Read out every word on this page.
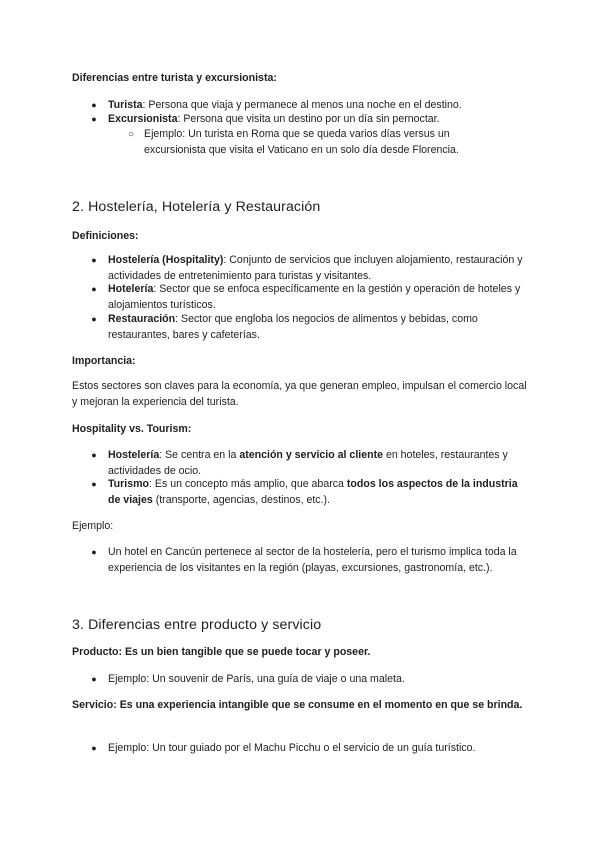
Diferencias entre turista y excursionista:
● Turista: Persona que viaja y permanece al menos una noche en el destino.
● Excursionista: Persona que visita un destino por un día sin pernoctar.
○ Ejemplo: Un turista en Roma que se queda varios días versus un excursionista que visita el Vaticano en un solo día desde Florencia.
2. Hostelería, Hotelería y Restauración
Definiciones:
● Hostelería (Hospitality): Conjunto de servicios que incluyen alojamiento, restauración y actividades de entretenimiento para turistas y visitantes.
● Hotelería: Sector que se enfoca específicamente en la gestión y operación de hoteles y alojamientos turísticos.
● Restauración: Sector que engloba los negocios de alimentos y bebidas, como restaurantes, bares y cafeterías.
Importancia:
Estos sectores son claves para la economía, ya que generan empleo, impulsan el comercio local y mejoran la experiencia del turista.
Hospitality vs. Tourism:
● Hostelería: Se centra en la atención y servicio al cliente en hoteles, restaurantes y actividades de ocio.
● Turismo: Es un concepto más amplio, que abarca todos los aspectos de la industria de viajes (transporte, agencias, destinos, etc.).
Ejemplo:
● Un hotel en Cancún pertenece al sector de la hostelería, pero el turismo implica toda la experiencia de los visitantes en la región (playas, excursiones, gastronomía, etc.).
3. Diferencias entre producto y servicio
Producto: Es un bien tangible que se puede tocar y poseer.
● Ejemplo: Un souvenir de París, una guía de viaje o una maleta.
Servicio: Es una experiencia intangible que se consume en el momento en que se brinda.
● Ejemplo: Un tour guiado por el Machu Picchu o el servicio de un guía turístico.
